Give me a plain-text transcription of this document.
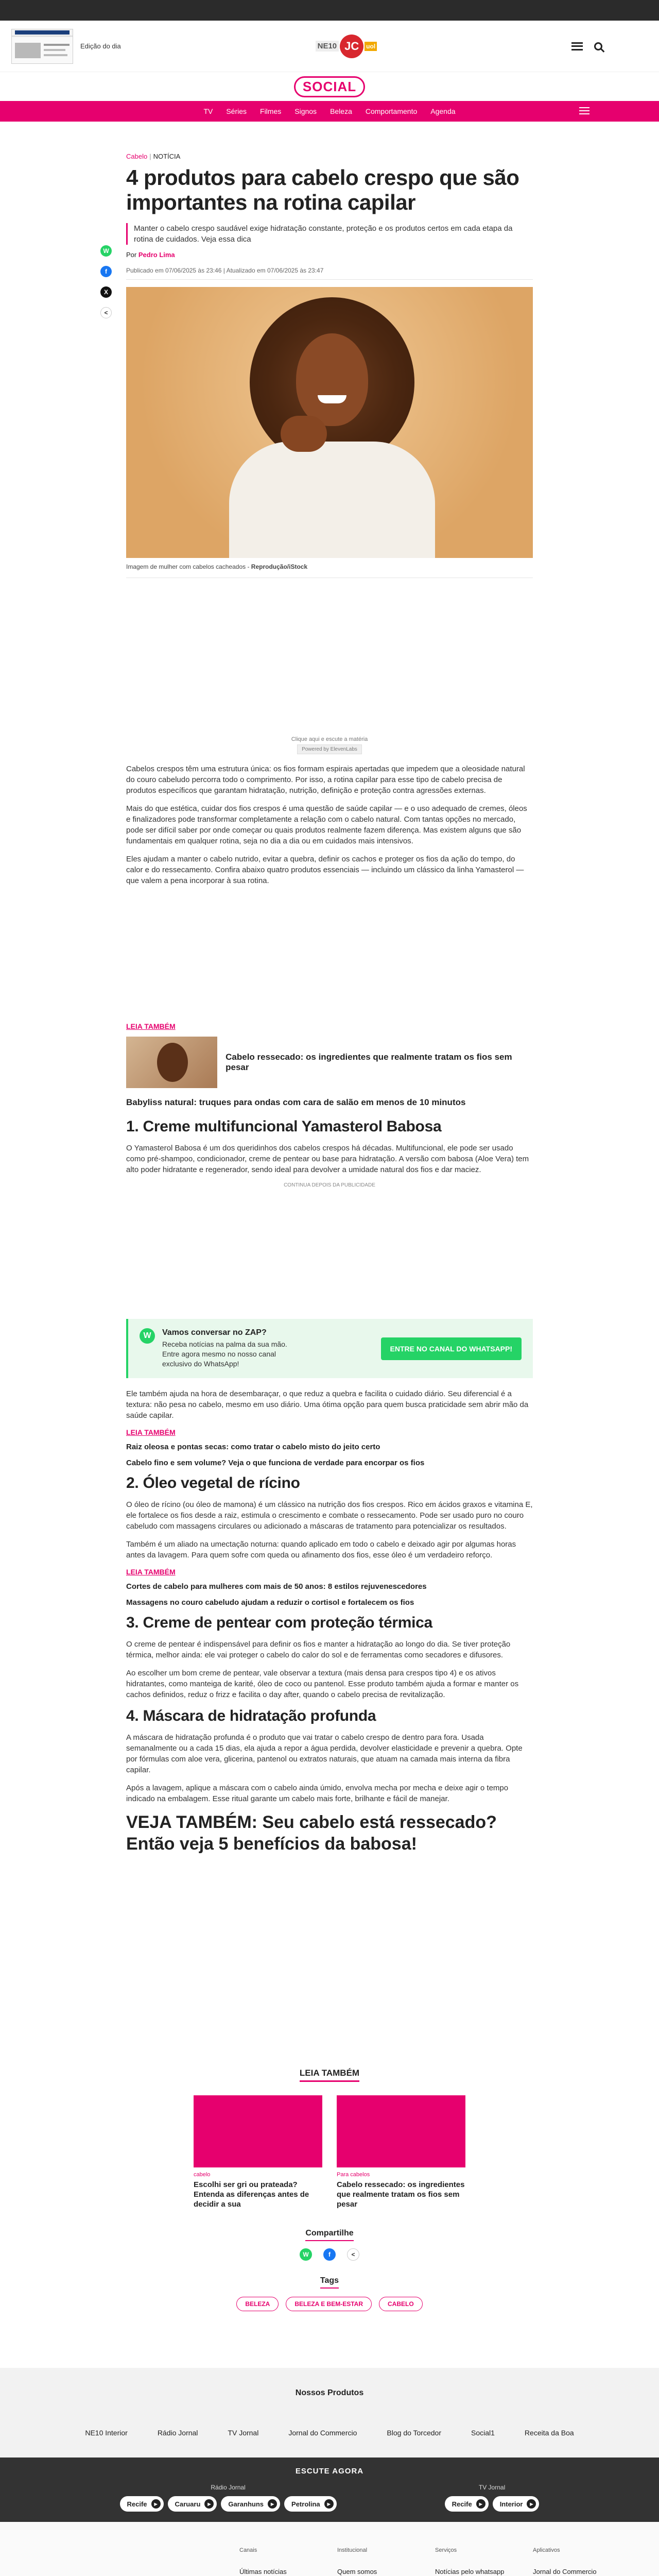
Edição do dia	NE10 JC	uol
SOCIAL
TV Séries Filmes Signos Beleza Comportamento Agenda
W
f
X
<
Cabelo | NOTÍCIA
4 produtos para cabelo crespo que são importantes na rotina capilar

Manter o cabelo crespo saudável exige hidratação constante, proteção e os produtos certos em cada etapa da rotina de cuidados. Veja essa dica

Por Pedro Lima
Publicado em 07/06/2025 às 23:46 | Atualizado em 07/06/2025 às 23:47
Imagem de mulher com cabelos cacheados - Reprodução/iStock
Clique aqui e escute a matéria
Powered by ElevenLabs

Cabelos crespos têm uma estrutura única: os fios formam espirais apertadas que impedem que a oleosidade natural do couro cabeludo percorra todo o comprimento. Por isso, a rotina capilar para esse tipo de cabelo precisa de produtos específicos que garantam hidratação, nutrição, definição e proteção contra agressões externas.

Mais do que estética, cuidar dos fios crespos é uma questão de saúde capilar — e o uso adequado de cremes, óleos e finalizadores pode transformar completamente a relação com o cabelo natural. Com tantas opções no mercado, pode ser difícil saber por onde começar ou quais produtos realmente fazem diferença. Mas existem alguns que são fundamentais em qualquer rotina, seja no dia a dia ou em cuidados mais intensivos.

Eles ajudam a manter o cabelo nutrido, evitar a quebra, definir os cachos e proteger os fios da ação do tempo, do calor e do ressecamento. Confira abaixo quatro produtos essenciais — incluindo um clássico da linha Yamasterol — que valem a pena incorporar à sua rotina.

LEIA TAMBÉM
Cabelo ressecado: os ingredientes que realmente tratam os fios sem pesar
Babyliss natural: truques para ondas com cara de salão em menos de 10 minutos
1. Creme multifuncional Yamasterol Babosa

O Yamasterol Babosa é um dos queridinhos dos cabelos crespos há décadas. Multifuncional, ele pode ser usado como pré-shampoo, condicionador, creme de pentear ou base para hidratação. A versão com babosa (Aloe Vera) tem alto poder hidratante e regenerador, sendo ideal para devolver a umidade natural dos fios e dar maciez.

CONTINUA DEPOIS DA PUBLICIDADE
W	Vamos conversar no ZAP?
Receba notícias na palma da sua mão. Entre agora mesmo no nosso canal exclusivo do WhatsApp!
ENTRE NO CANAL DO WHATSAPP!

Ele também ajuda na hora de desembaraçar, o que reduz a quebra e facilita o cuidado diário. Seu diferencial é a textura: não pesa no cabelo, mesmo em uso diário. Uma ótima opção para quem busca praticidade sem abrir mão da saúde capilar.

LEIA TAMBÉM
Raiz oleosa e pontas secas: como tratar o cabelo misto do jeito certo
Cabelo fino e sem volume? Veja o que funciona de verdade para encorpar os fios
2. Óleo vegetal de rícino

O óleo de rícino (ou óleo de mamona) é um clássico na nutrição dos fios crespos. Rico em ácidos graxos e vitamina E, ele fortalece os fios desde a raiz, estimula o crescimento e combate o ressecamento. Pode ser usado puro no couro cabeludo com massagens circulares ou adicionado a máscaras de tratamento para potencializar os resultados.

Também é um aliado na umectação noturna: quando aplicado em todo o cabelo e deixado agir por algumas horas antes da lavagem. Para quem sofre com queda ou afinamento dos fios, esse óleo é um verdadeiro reforço.

LEIA TAMBÉM
Cortes de cabelo para mulheres com mais de 50 anos: 8 estilos rejuvenescedores
Massagens no couro cabeludo ajudam a reduzir o cortisol e fortalecem os fios
3. Creme de pentear com proteção térmica

O creme de pentear é indispensável para definir os fios e manter a hidratação ao longo do dia. Se tiver proteção térmica, melhor ainda: ele vai proteger o cabelo do calor do sol e de ferramentas como secadores e difusores.

Ao escolher um bom creme de pentear, vale observar a textura (mais densa para crespos tipo 4) e os ativos hidratantes, como manteiga de karité, óleo de coco ou pantenol. Esse produto também ajuda a formar e manter os cachos definidos, reduz o frizz e facilita o day after, quando o cabelo precisa de revitalização.

4. Máscara de hidratação profunda

A máscara de hidratação profunda é o produto que vai tratar o cabelo crespo de dentro para fora. Usada semanalmente ou a cada 15 dias, ela ajuda a repor a água perdida, devolver elasticidade e prevenir a quebra. Opte por fórmulas com aloe vera, glicerina, pantenol ou extratos naturais, que atuam na camada mais interna da fibra capilar.

Após a lavagem, aplique a máscara com o cabelo ainda úmido, envolva mecha por mecha e deixe agir o tempo indicado na embalagem. Esse ritual garante um cabelo mais forte, brilhante e fácil de manejar.

VEJA TAMBÉM: Seu cabelo está ressecado? Então veja 5 benefícios da babosa!
LEIA TAMBÉM
cabelo
Escolhi ser gri ou prateada? Entenda as diferenças antes de decidir a sua
Para cabelos
Cabelo ressecado: os ingredientes que realmente tratam os fios sem pesar
Compartilhe
W	f	<
Tags
BELEZA	BELEZA E BEM-ESTAR	CABELO
Nossos Produtos
NE10 Interior	Rádio Jornal	TV Jornal	Jornal do Commercio	Blog do Torcedor	Social1	Receita da Boa
ESCUTE AGORA
Rádio Jornal
Recife	▶	Caruaru	▶	Garanhuns	▶	Petrolina	▶
TV Jornal
Recife	▶	Interior	▶
Canais
Últimas notícias
Institucional
Quem somos
Serviços
Notícias pelo whatsapp
Aplicativos
Jornal do Commercio
